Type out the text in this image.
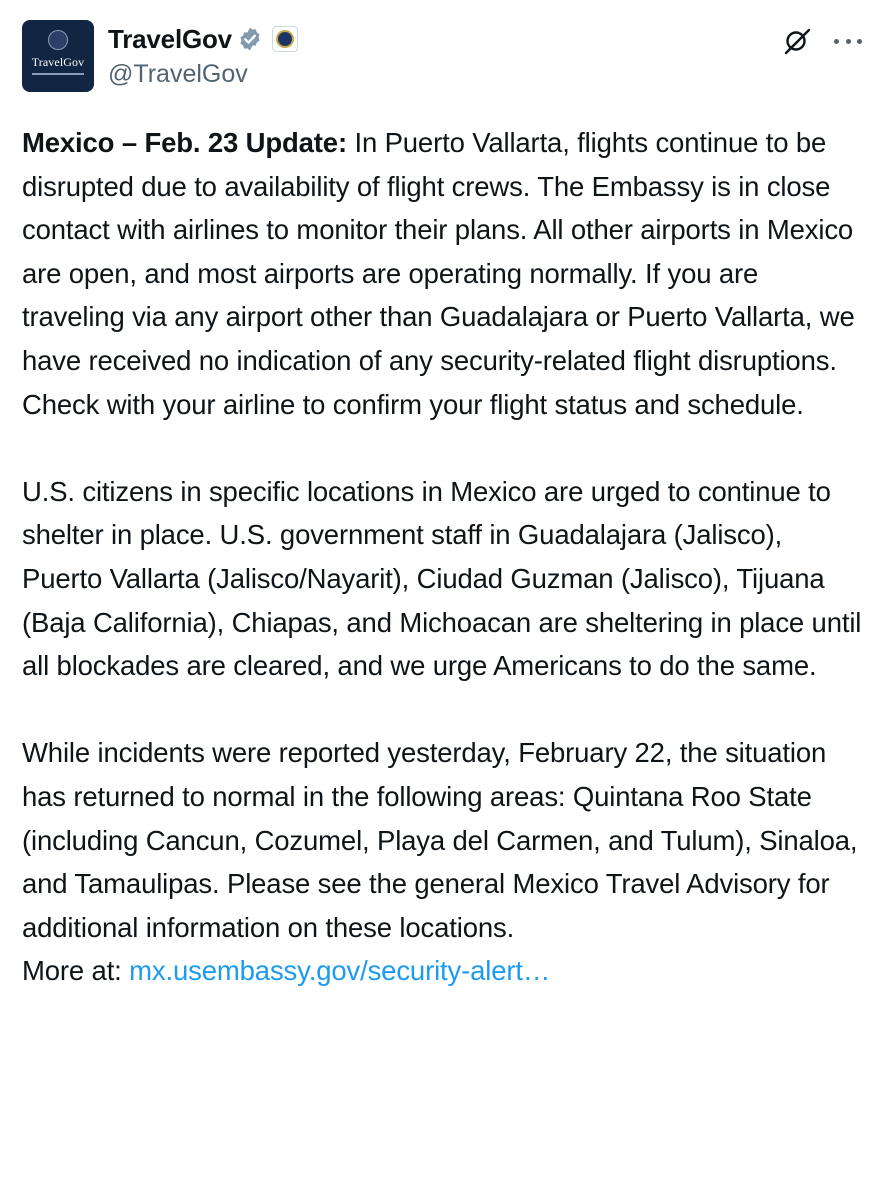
TravelGov
TravelGov
@TravelGov
Mexico – Feb. 23 Update: In Puerto Vallarta, flights continue to be disrupted due to availability of flight crews. The Embassy is in close contact with airlines to monitor their plans. All other airports in Mexico are open, and most airports are operating normally. If you are traveling via any airport other than Guadalajara or Puerto Vallarta, we have received no indication of any security-related flight disruptions. Check with your airline to confirm your flight status and schedule.

U.S. citizens in specific locations in Mexico are urged to continue to shelter in place. U.S. government staff in Guadalajara (Jalisco), Puerto Vallarta (Jalisco/Nayarit), Ciudad Guzman (Jalisco), Tijuana (Baja California), Chiapas, and Michoacan are sheltering in place until all blockades are cleared, and we urge Americans to do the same.

While incidents were reported yesterday, February 22, the situation has returned to normal in the following areas: Quintana Roo State (including Cancun, Cozumel, Playa del Carmen, and Tulum), Sinaloa, and Tamaulipas. Please see the general Mexico Travel Advisory for additional information on these locations.
More at: mx.usembassy.gov/security-alert…
